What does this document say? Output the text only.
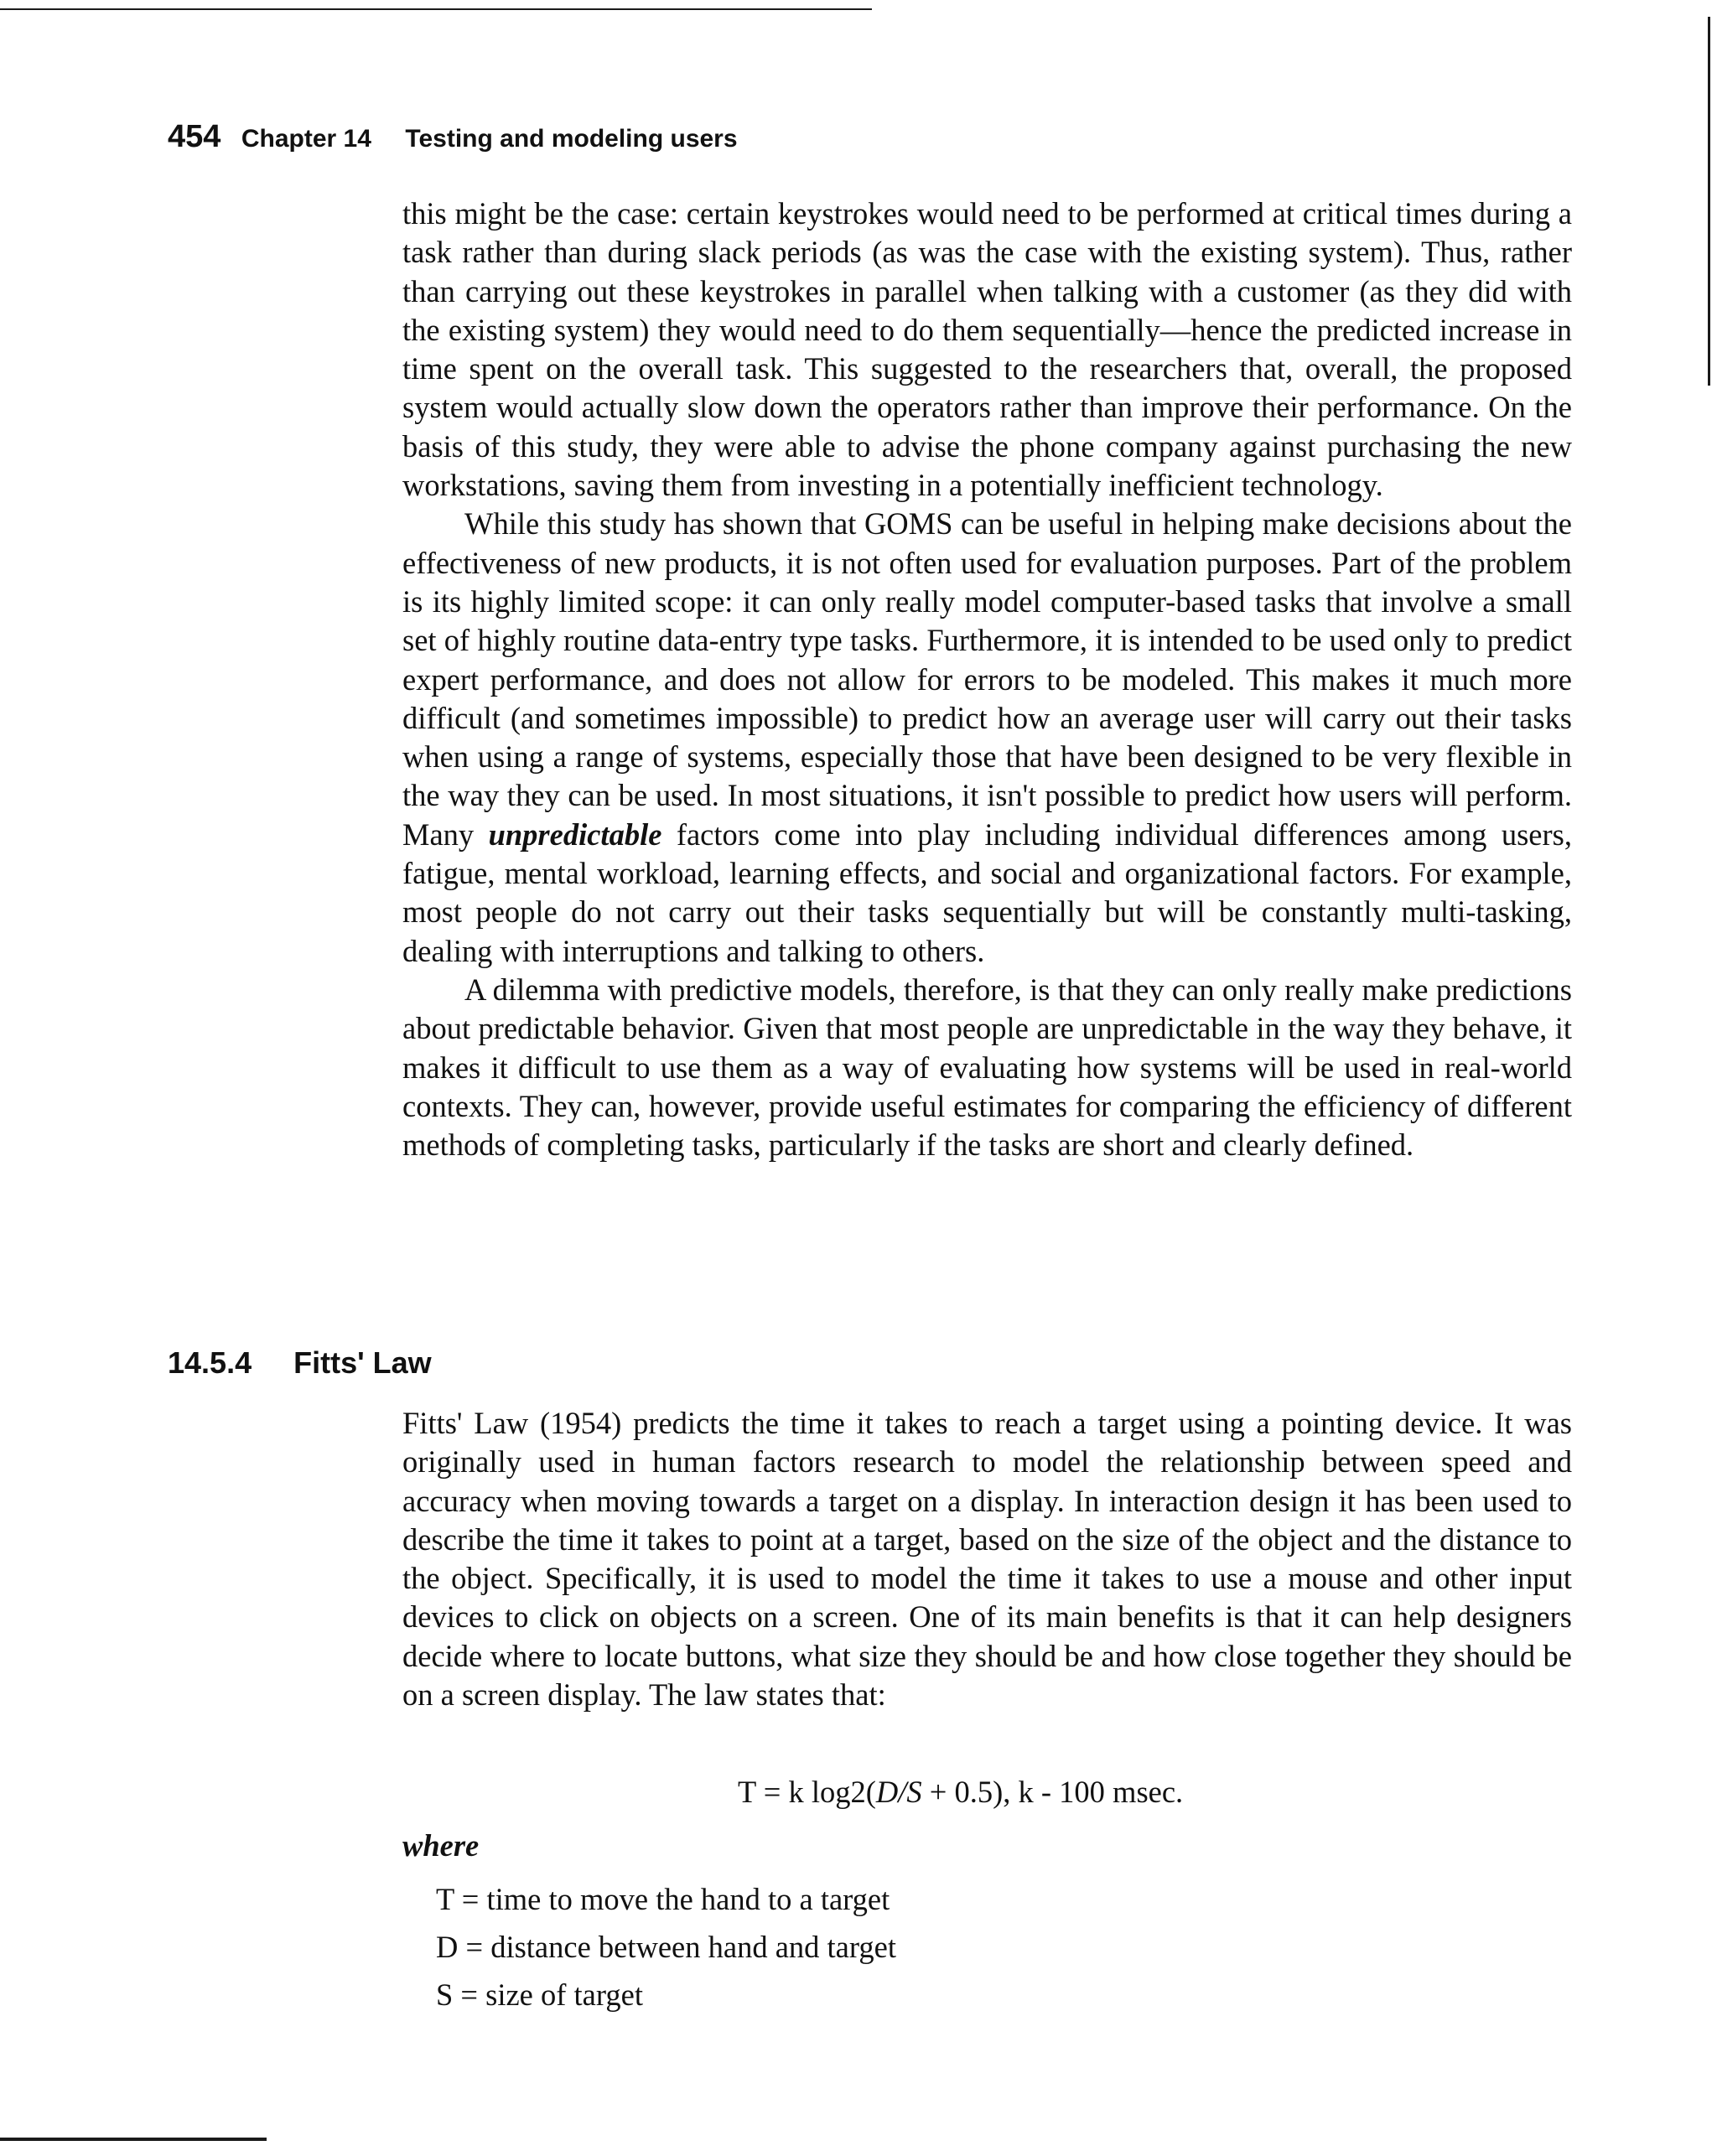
454 Chapter 14 Testing and modeling users

this might be the case: certain keystrokes would need to be performed at critical times during a task rather than during slack periods (as was the case with the existing system). Thus, rather than carrying out these keystrokes in parallel when talking with a customer (as they did with the existing system) they would need to do them sequentially—hence the predicted increase in time spent on the overall task. This suggested to the researchers that, overall, the proposed system would actually slow down the operators rather than improve their performance. On the basis of this study, they were able to advise the phone company against purchasing the new workstations, saving them from investing in a potentially inefficient technology.

While this study has shown that GOMS can be useful in helping make decisions about the effectiveness of new products, it is not often used for evaluation purposes. Part of the problem is its highly limited scope: it can only really model computer-based tasks that involve a small set of highly routine data-entry type tasks. Furthermore, it is intended to be used only to predict expert performance, and does not allow for errors to be modeled. This makes it much more difficult (and sometimes impossible) to predict how an average user will carry out their tasks when using a range of systems, especially those that have been designed to be very flexible in the way they can be used. In most situations, it isn't possible to predict how users will perform. Many unpredictable factors come into play including individual differences among users, fatigue, mental workload, learning effects, and social and organizational factors. For example, most people do not carry out their tasks sequentially but will be constantly multi-tasking, dealing with interruptions and talking to others.

A dilemma with predictive models, therefore, is that they can only really make predictions about predictable behavior. Given that most people are unpredictable in the way they behave, it makes it difficult to use them as a way of evaluating how systems will be used in real-world contexts. They can, however, provide useful estimates for comparing the efficiency of different methods of completing tasks, particularly if the tasks are short and clearly defined.

14.5.4 Fitts' Law

Fitts' Law (1954) predicts the time it takes to reach a target using a pointing device. It was originally used in human factors research to model the relationship between speed and accuracy when moving towards a target on a display. In interaction design it has been used to describe the time it takes to point at a target, based on the size of the object and the distance to the object. Specifically, it is used to model the time it takes to use a mouse and other input devices to click on objects on a screen. One of its main benefits is that it can help designers decide where to locate buttons, what size they should be and how close together they should be on a screen display. The law states that:

T = k log2(D/S + 0.5), k - 100 msec.
where
T = time to move the hand to a target
D = distance between hand and target
S = size of target
